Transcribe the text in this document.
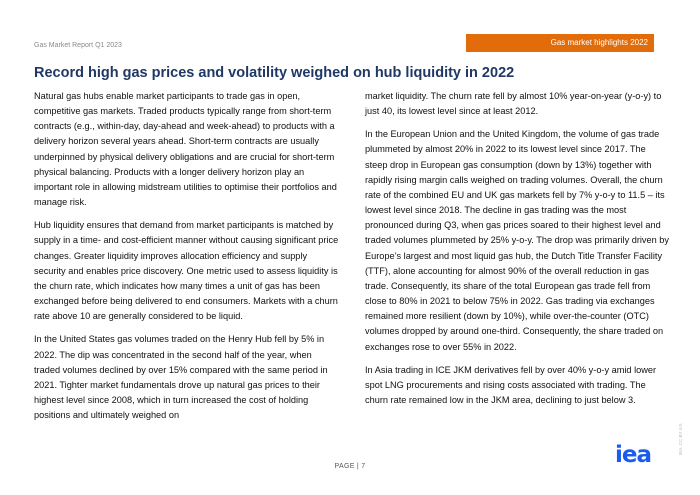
Gas Market Report Q1 2023	Gas market highlights 2022
Record high gas prices and volatility weighed on hub liquidity in 2022

Natural gas hubs enable market participants to trade gas in open, competitive gas markets. Traded products typically range from short-term contracts (e.g., within-day, day-ahead and week-ahead) to products with a delivery horizon several years ahead. Short-term contracts are usually underpinned by physical delivery obligations and are crucial for short-term physical balancing. Products with a longer delivery horizon play an important role in allowing midstream utilities to optimise their portfolios and manage risk.

Hub liquidity ensures that demand from market participants is matched by supply in a time- and cost-efficient manner without causing significant price changes. Greater liquidity improves allocation efficiency and supply security and enables price discovery. One metric used to assess liquidity is the churn rate, which indicates how many times a unit of gas has been exchanged before being delivered to end consumers. Markets with a churn rate above 10 are generally considered to be liquid.

In the United States gas volumes traded on the Henry Hub fell by 5% in 2022. The dip was concentrated in the second half of the year, when traded volumes declined by over 15% compared with the same period in 2021. Tighter market fundamentals drove up natural gas prices to their highest level since 2008, which in turn increased the cost of holding positions and ultimately weighed on

market liquidity. The churn rate fell by almost 10% year-on-year (y-o-y) to just 40, its lowest level since at least 2012.

In the European Union and the United Kingdom, the volume of gas trade plummeted by almost 20% in 2022 to its lowest level since 2017. The steep drop in European gas consumption (down by 13%) together with rapidly rising margin calls weighed on trading volumes. Overall, the churn rate of the combined EU and UK gas markets fell by 7% y-o-y to 11.5 – its lowest level since 2018. The decline in gas trading was the most pronounced during Q3, when gas prices soared to their highest level and traded volumes plummeted by 25% y-o-y. The drop was primarily driven by Europe’s largest and most liquid gas hub, the Dutch Title Transfer Facility (TTF), alone accounting for almost 90% of the overall reduction in gas trade. Consequently, its share of the total European gas trade fell from close to 80% in 2021 to below 75% in 2022. Gas trading via exchanges remained more resilient (down by 10%), while over-the-counter (OTC) volumes dropped by around one-third. Consequently, the share traded on exchanges rose to over 55% in 2022.

In Asia trading in ICE JKM derivatives fell by over 40% y-o-y amid lower spot LNG procurements and rising costs associated with trading. The churn rate remained low in the JKM area, declining to just below 3.

PAGE | 7	iea	IEA. CC BY 4.0.
